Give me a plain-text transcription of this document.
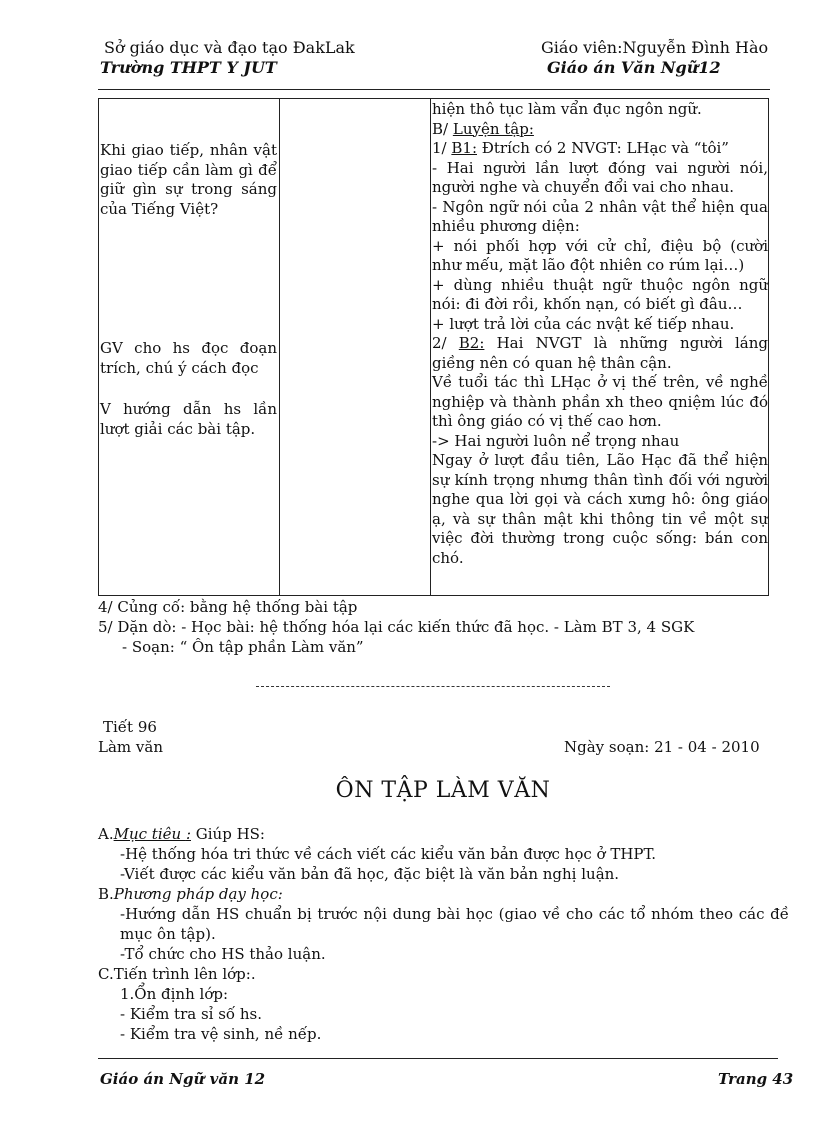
Sở giáo dục và đạo tạo ĐakLak
Trường THPT Y JUT
Giáo viên:Nguyễn Đình Hào
Giáo án Văn Ngữ12
Khi giao tiếp, nhân vật
giao tiếp cần làm gì để
giữ gìn sự trong sáng
của Tiếng Việt?
GV cho hs đọc đoạn
trích, chú ý cách đọc
V hướng dẫn hs lần
lượt giải các bài tập.
hiện thô tục làm vẩn đục ngôn ngữ.
B/ Luyện tập:
1/ B1: Đtrích có 2 NVGT: LHạc và “tôi”
- Hai người lần lượt đóng vai người nói,
người nghe và chuyển đổi vai cho nhau.
- Ngôn ngữ nói của 2 nhân vật thể hiện qua
nhiều phương diện:
+ nói phối hợp với cử chỉ, điệu bộ (cười
như mếu, mặt lão đột nhiên co rúm lại…)
+ dùng nhiều thuật ngữ thuộc ngôn ngữ
nói: đi đời rồi, khốn nạn, có biết gì đâu…
+ lượt trả lời của các nvật kế tiếp nhau.
2/ B2: Hai NVGT là những người láng
giềng nên có quan hệ thân cận.
Về tuổi tác thì LHạc ở vị thế trên, về nghề
nghiệp và thành phần xh theo qniệm lúc đó
thì ông giáo có vị thế cao hơn.
-> Hai người luôn nể trọng nhau
Ngay ở lượt đầu tiên, Lão Hạc đã thể hiện
sự kính trọng nhưng thân tình đối với người
nghe qua lời gọi và cách xưng hô: ông giáo
ạ, và sự thân mật khi thông tin về một sự
việc đời thường trong cuộc sống: bán con
chó.
4/ Củng cố: bằng hệ thống bài tập
5/ Dặn dò: - Học bài: hệ thống hóa lại các kiến thức đã học. - Làm BT 3, 4 SGK
- Soạn: “ Ôn tập phần Làm văn”
Tiết 96
Làm văn	Ngày soạn: 21 - 04 - 2010
ÔN TẬP LÀM VĂN
A.Mục tiêu : Giúp HS:
-Hệ thống hóa tri thức về cách viết các kiểu văn bản được học ở THPT.
-Viết được các kiểu văn bản đã học, đặc biệt là văn bản nghị luận.
B.Phương pháp dạy học:
-Hướng dẫn HS chuẩn bị trước nội dung bài học (giao về cho các tổ nhóm theo các đề
mục ôn tập).
-Tổ chức cho HS thảo luận.
C.Tiến trình lên lớp:.
1.Ổn định lớp:
- Kiểm tra sỉ số hs.
- Kiểm tra vệ sinh, nề nếp.
Giáo án Ngữ văn 12	Trang 43
